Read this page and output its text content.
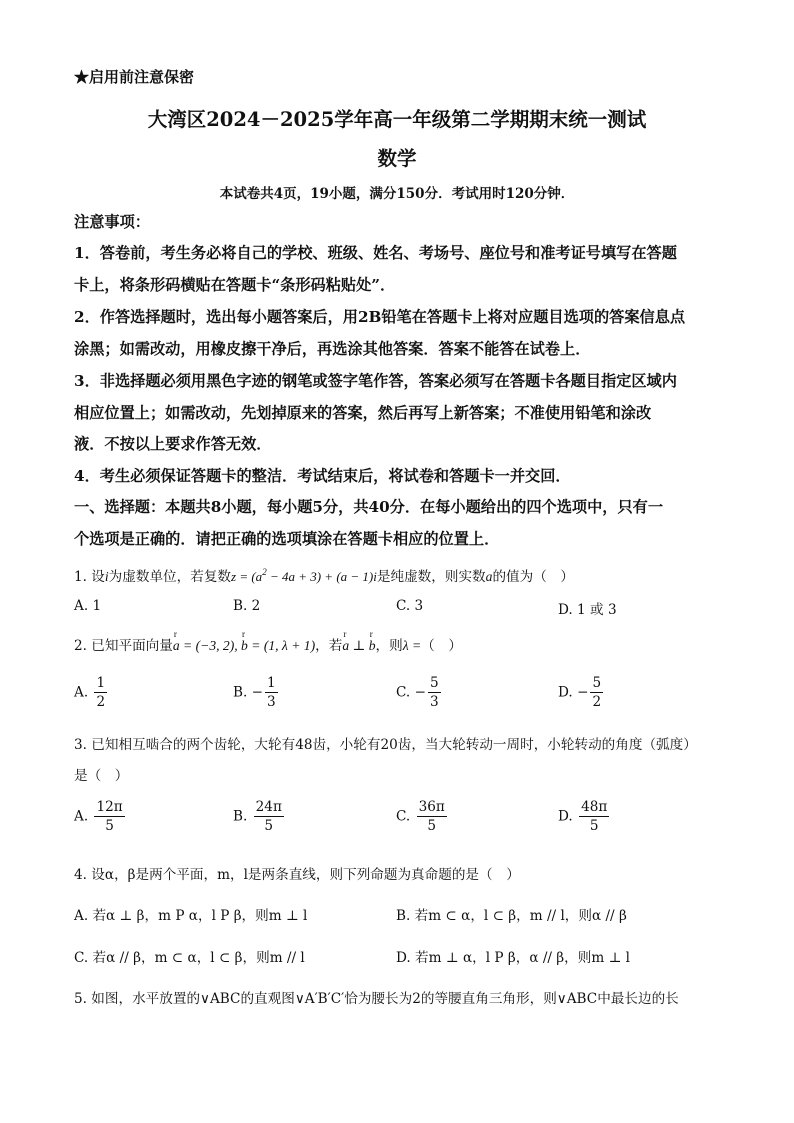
★启用前注意保密
大湾区2024－2025学年高一年级第二学期期末统一测试
数学
本试卷共4页，19小题，满分150分．考试用时120分钟．
注意事项：
1．答卷前，考生务必将自己的学校、班级、姓名、考场号、座位号和准考证号填写在答题
卡上，将条形码横贴在答题卡“条形码粘贴处”．
2．作答选择题时，选出每小题答案后，用2B铅笔在答题卡上将对应题目选项的答案信息点
涂黑；如需改动，用橡皮擦干净后，再选涂其他答案．答案不能答在试卷上．
3．非选择题必须用黑色字迹的钢笔或签字笔作答，答案必须写在答题卡各题目指定区域内
相应位置上；如需改动，先划掉原来的答案，然后再写上新答案；不准使用铅笔和涂改
液．不按以上要求作答无效．
4．考生必须保证答题卡的整洁．考试结束后，将试卷和答题卡一并交回．
一、选择题：本题共8小题，每小题5分，共40分．在每小题给出的四个选项中，只有一
个选项是正确的．请把正确的选项填涂在答题卡相应的位置上．
1. 设i为虚数单位，若复数$z = (a^2 - 4a + 3) + (a - 1)i$是纯虚数，则实数a的值为（　）
A. 1	B. 2	C. 3	D. 1 或 3
2. 已知平面向量r a = (−3, 2), r b = (1, λ + 1)，若r a ⊥ r b，则λ =（　）
A. $\frac{1}{2}$	B. − $\frac{1}{3}$	C. − $\frac{5}{3}$	D. − $\frac{5}{2}$
3. 已知相互啮合的两个齿轮，大轮有48齿，小轮有20齿，当大轮转动一周时，小轮转动的角度（弧度）
是（　）
A. $\frac{12\pi}{5}$	B. $\frac{24\pi}{5}$	C. $\frac{36\pi}{5}$	D. $\frac{48\pi}{5}$
4. 设α，β是两个平面，m，l是两条直线，则下列命题为真命题的是（　）
A. 若α ⊥ β，m P α，l P β，则m ⊥ l	B. 若m ⊂ α，l ⊂ β，m // l，则α // β
C. 若α // β，m ⊂ α，l ⊂ β，则m // l	D. 若m ⊥ α，l P β，α // β，则m ⊥ l
5. 如图，水平放置的∨ABC的直观图∨A′B′C′恰为腰长为2的等腰直角三角形，则∨ABC中最长边的长
